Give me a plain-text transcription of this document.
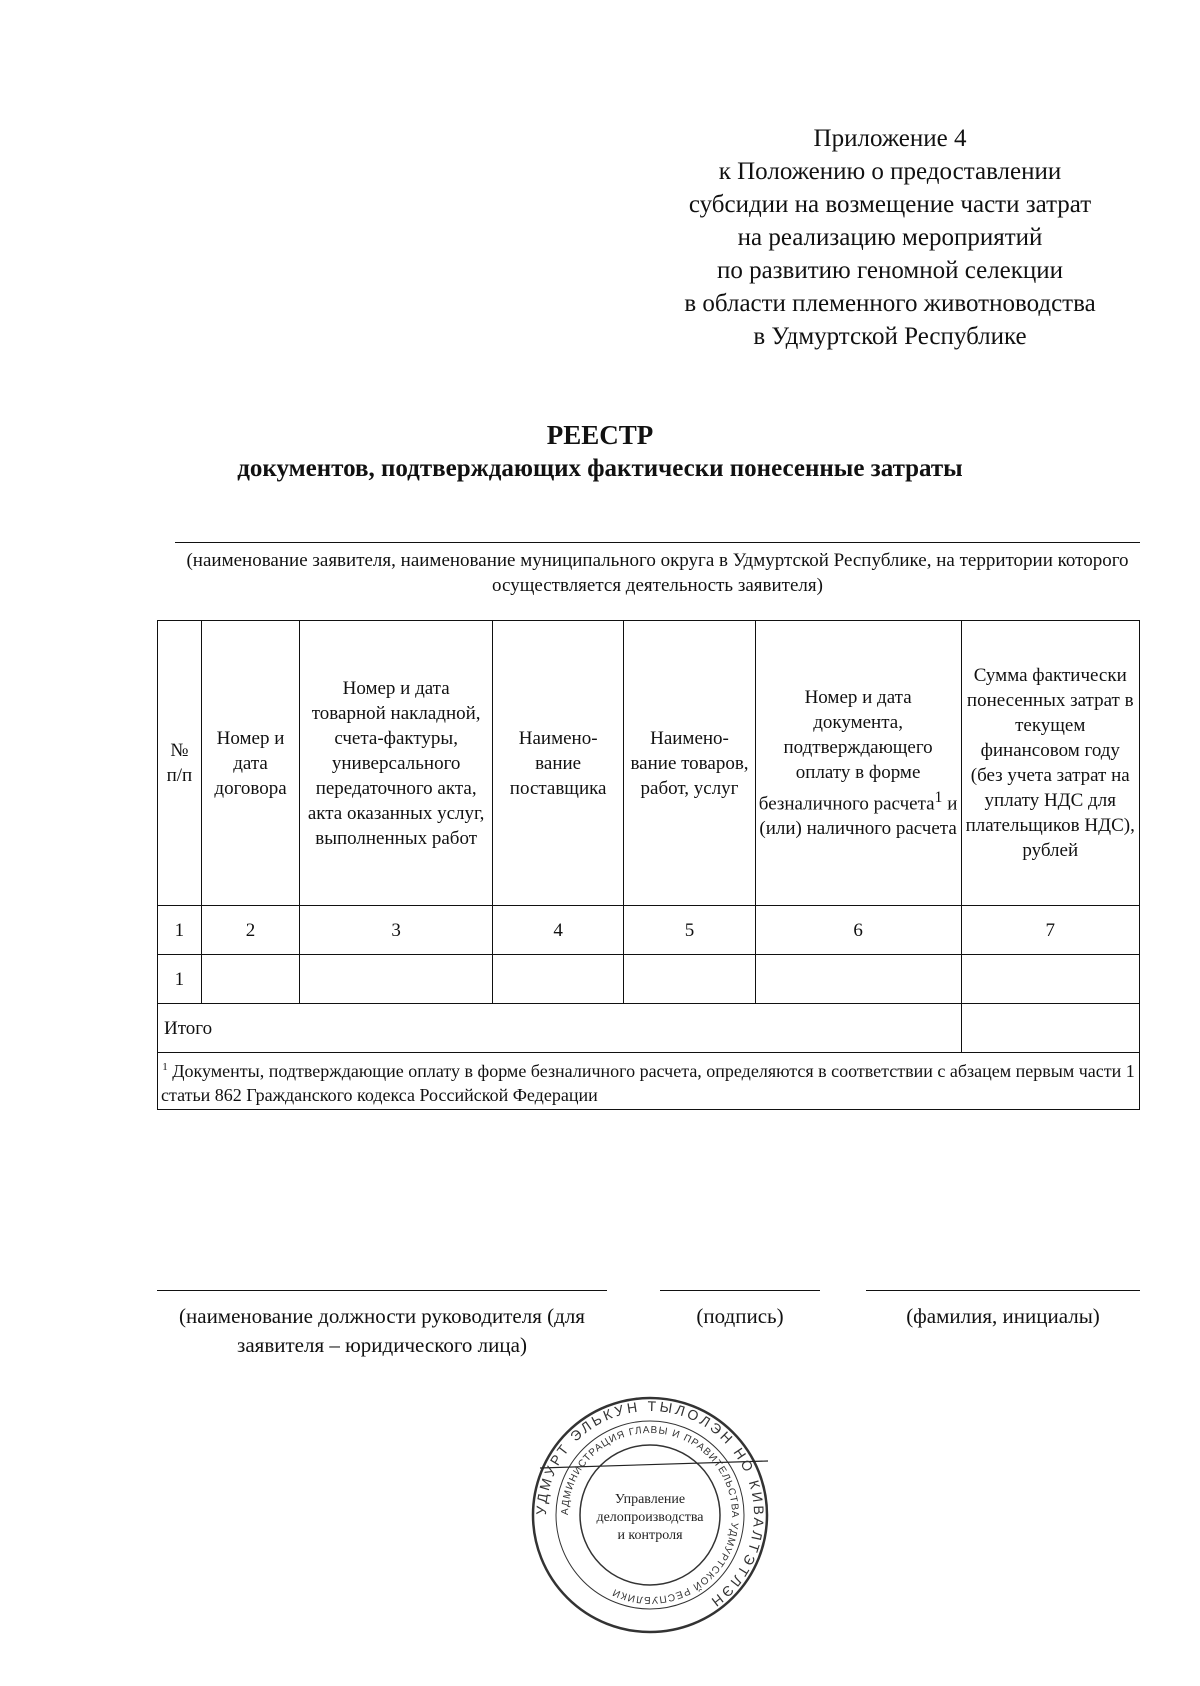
Приложение 4
к Положению о предоставлении
субсидии на возмещение части затрат
на реализацию мероприятий
по развитию геномной селекции
в области племенного животноводства
в Удмуртской Республике
РЕЕСТР
документов, подтверждающих фактически понесенные затраты
(наименование заявителя, наименование муниципального округа в Удмуртской Республике, на территории которого осуществляется деятельность заявителя)
№ п/п	Номер и дата договора	Номер и дата товарной накладной, счета-фактуры, универсального передаточного акта, акта оказанных услуг, выполненных работ	Наимено-вание поставщика	Наимено-вание товаров, работ, услуг	Номер и дата документа, подтверждающего оплату в форме безналичного расчета$^1$ и (или) наличного расчета	Сумма фактически понесенных затрат в текущем финансовом году (без учета затрат на уплату НДС для плательщиков НДС), рублей
1	2	3	4	5	6	7
1						
Итого						
$^1$ Документы, подтверждающие оплату в форме безналичного расчета, определяются в соответствии с абзацем первым части 1 статьи 862 Гражданского кодекса Российской Федерации						
(наименование должности руководителя (для заявителя – юридического лица)
(подпись)	(фамилия, инициалы)
УДМУРТ ЭЛЬКУН ТЫЛОЛЭН НО КИВАЛТЭТЛЭН
АДМИНИСТРАЦИЯ ГЛАВЫ И ПРАВИТЕЛЬСТВА УДМУРТСКОЙ РЕСПУБЛИКИ
Управление
делопроизводства
и контроля
